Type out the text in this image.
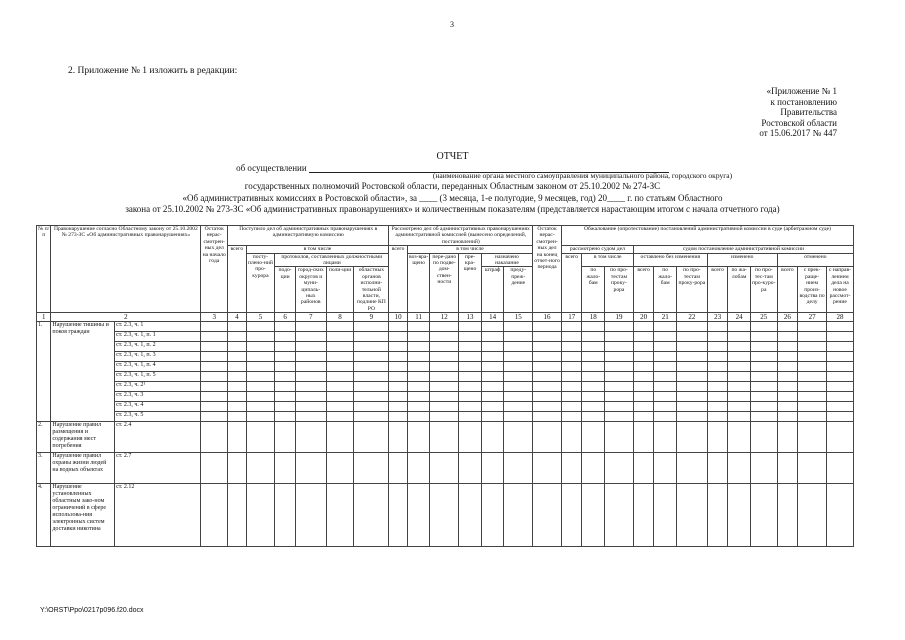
3
2. Приложение № 1 изложить в редакции:
«Приложение № 1
к постановлению
Правительства
Ростовской области
от 15.06.2017 № 447
ОТЧЕТ
об осуществлении
(наименование органа местного самоуправления муниципального района, городского округа)
государственных полномочий Ростовской области, переданных Областным законом от 25.10.2002 № 274-ЗС
«Об административных комиссиях в Ростовской области», за ____ (3 месяца, 1-е полугодие, 9 месяцев, год) 20____ г. по статьям Областного
закона от 25.10.2002 № 273-ЗС «Об административных правонарушениях» и количественным показателям (представляется нарастающим итогом с начала отчетного года)
№ п/п	Правонарушение согласно Областному закону от 25.10.2002 № 273-ЗС «Об административных правонарушениях»		Остаток нерас-смотрен-ных дел на начало года	Поступило дел об административных правонарушениях в административную комиссию						Рассмотрено дел об административных правонарушениях административной комиссией (вынесено определений, постановлений)						Остаток нерас-смотрен-ных дел на конец отчет-ного периода	Обжалование (опротестование) постановлений административной комиссии в суде (арбитражном суде)											
				всего	в том числе					всего	в том числе						рассмотрено судом дел			судом постановление административной комиссии								
					посту-плено-ний про-курора	протоколов, составленных должностными лицами					воз-вра-щено	пере-дано по подве-дом-ствен-ности	пре-кра-щено	назначено наказание			всего	в том числе		оставлено без изменения			изменено			отменено		
						подо-ции	город-ских округов и муни-ципаль-ных районов	поли-ции	областных органов исполни-тельной власти, подлине КП РО					штраф	преду-преж-дение			по жало-бам	по про-тестам проку-рора	всего	по жало-бам	по про-тестам проку-рора	всего	по жа-лобам	по про-тес-там про-куро-ра	всего	с прек-раще-нием произ-водства по делу	с направ-лением дела на новое рассмот-рение
1	2		3	4	5	6	7	8	9	10	11	12	13	14	15	16	17	18	19	20	21	22	23	24	25	26	27	28
1.	Нарушение тишины и покоя граждан	ст. 2.3, ч. 1																										
		ст. 2.3, ч. 1, п. 1																										
		ст. 2.3, ч. 1, п. 2																										
		ст. 2.3, ч. 1, п. 3																										
		ст. 2.3, ч. 1, п. 4																										
		ст. 2.3, ч. 1, п. 5																										
		ст. 2.3, ч. 2¹																										
		ст. 2.3, ч. 3																										
		ст. 2.3, ч. 4																										
		ст. 2.3, ч. 5																										
2.	Нарушение правил размещения и содержания мест погребения	ст. 2.4																										
3.	Нарушение правил охраны жизни людей на водных объектах	ст. 2.7																										
4.	Нарушение установленных областным зако-ном ограничений в сфере использова-ния электронных систем доставки никотина	ст. 2.12																										
Y:\ORST\Ppo\0217p096.f20.docx
